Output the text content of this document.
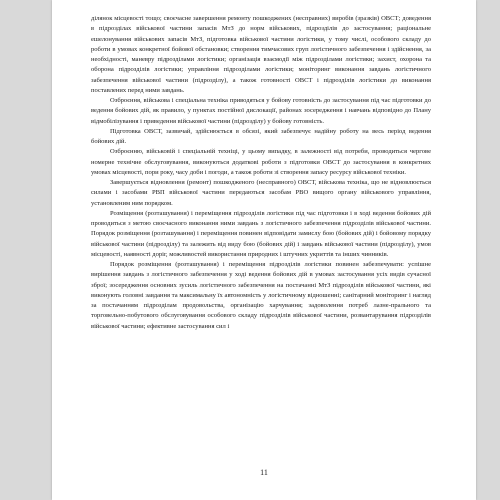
ділянок місцевості тощо; своєчасне завершення ремонту пошкоджених (несправних) виробів (зразків) ОВСТ; доведення в підрозділах військової частини запасів МтЗ до норм військових, підрозділів до застосування; раціональне ешелонування військових запасів МтЗ, підготовка військової частини логістики, у тому числі, особового складу до роботи в умовах конкретної бойової обстановки; створення тимчасових груп логістичного забезпечення і здійснення, за необхідності, маневру підрозділами логістики; організація взаємодії між підрозділами логістики; захист, охорона та оборона підрозділів логістики; управління підрозділами логістики; моніторинг виконання завдань логістичного забезпечення військової частини (підрозділу), а також готовності ОВСТ і підрозділів логістики до виконання поставлених перед ними завдань.

Озброєння, військова і спеціальна техніка приводяться у бойову готовність до застосування під час підготовки до ведення бойових дій, як правило, у пунктах постійної дислокації, районах зосередження і навчань відповідно до Плану відмобілізування і приведення військової частини (підрозділу) у бойову готовність.

Підготовка ОВСТ, зазвичай, здійснюється в обсязі, який забезпечує надійну роботу на весь період ведення бойових дій.

Озброєнню, військовій і спеціальній техніці, у цьому випадку, в залежності від потреби, проводиться чергове номерне технічне обслуговування, виконуються додаткові роботи з підготовки ОВСТ до застосування в конкретних умовах місцевості, пори року, часу доби і погоди, а також роботи зі створення запасу ресурсу військової техніки.

Завершується відновлення (ремонт) пошкодженого (несправного) ОВСТ, військова техніка, що не відновлюється силами і засобами РВП військової частини передаються засобам РВО вищого органу військового управління, установленим ним порядком.

Розміщення (розташування) і переміщення підрозділів логістики під час підготовки і в ході ведення бойових дій проводиться з метою своєчасного виконання ними завдань з логістичного забезпечення підрозділів військової частини. Порядок розміщення (розташування) і переміщення повинен відповідати замислу бою (бойових дій) і бойовому порядку військової частини (підрозділу) та залежить від виду бою (бойових дій) і завдань військової частини (підрозділу), умов місцевості, наявності доріг, можливостей використання природних і штучних укриттів та інших чинників.

Порядок розміщення (розташування) і переміщення підрозділів логістики повинен забезпечувати: успішне вирішення завдань з логістичного забезпечення у ході ведення бойових дій в умовах застосування усіх видів сучасної зброї; зосередження основних зусиль логістичного забезпечення на постачанні МтЗ підрозділів військової частини, які виконують головні завдання та максимальну їх автономність у логістичному відношенні; санітарний моніторинг і нагляд за постачанням підрозділам продовольства, організацію харчування; задоволення потреб лазне-прального та торговельно-побутового обслуговування особового складу підрозділів військової частини, розвантарування підрозділів військової частини; ефективне застосування сил і

11
